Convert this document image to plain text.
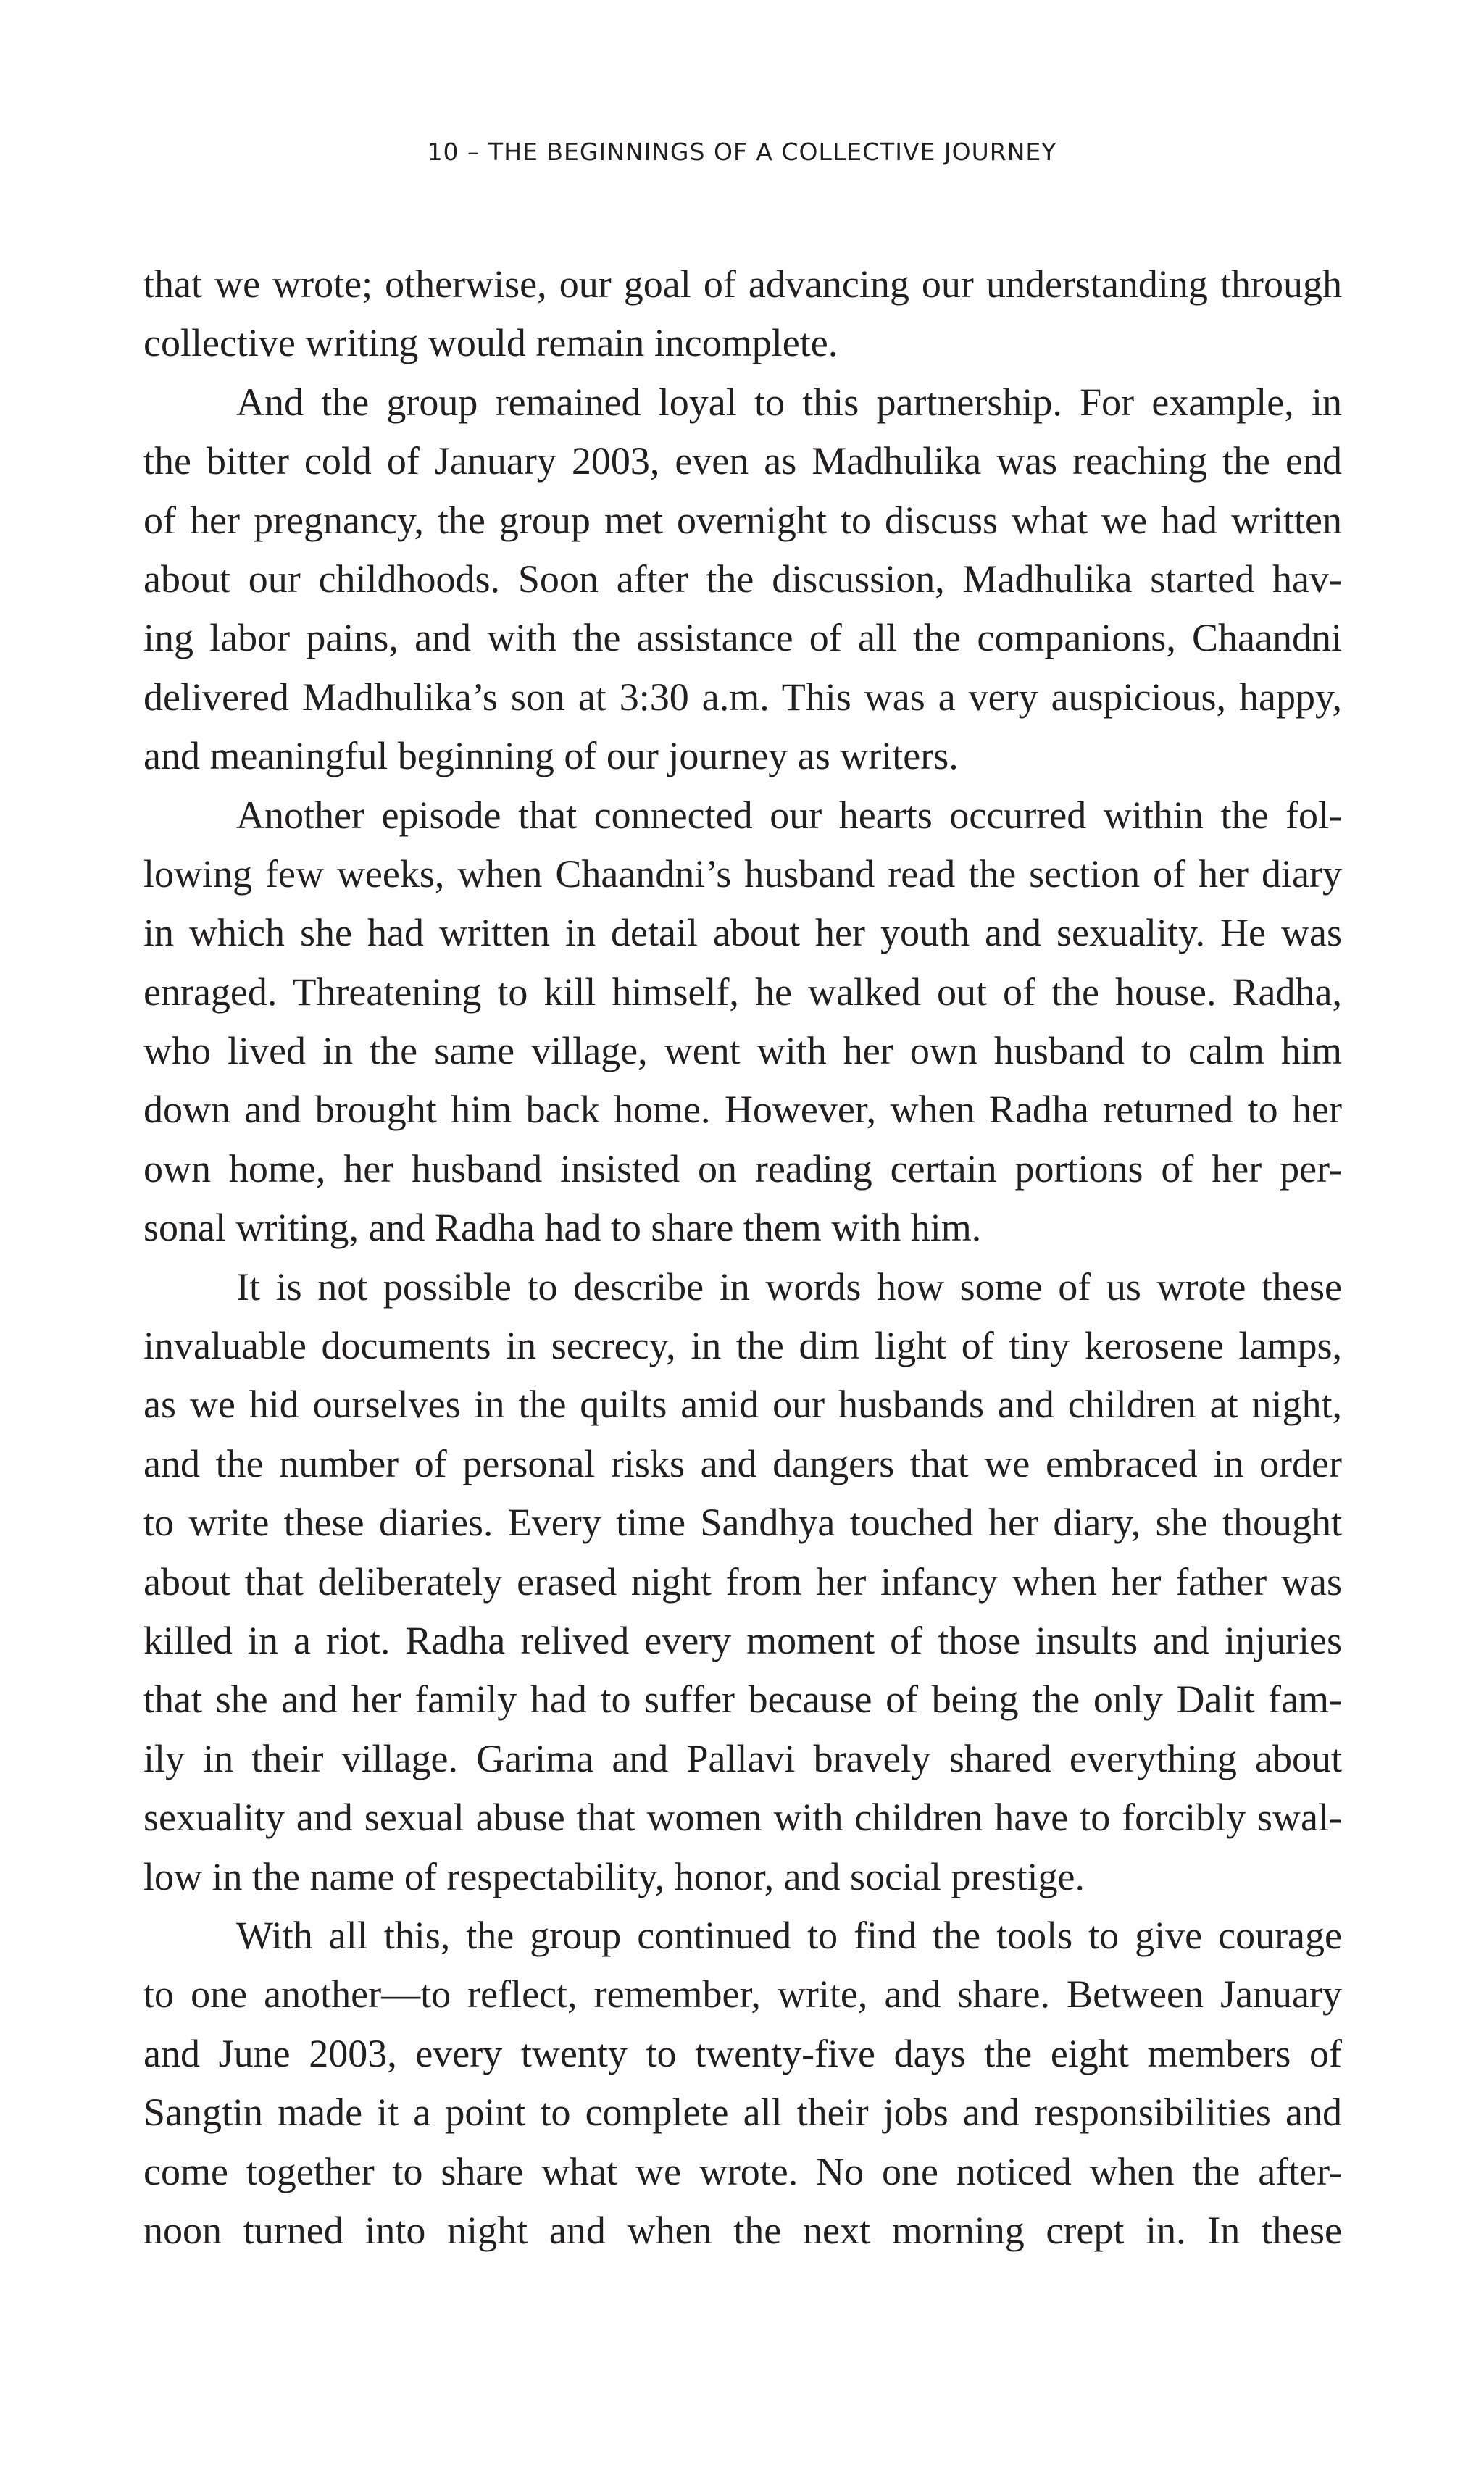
10 – THE BEGINNINGS OF A COLLECTIVE JOURNEY
that we wrote; otherwise, our goal of advancing our understanding through
collective writing would remain incomplete.
And the group remained loyal to this partnership. For example, in
the bitter cold of January 2003, even as Madhulika was reaching the end
of her pregnancy, the group met overnight to discuss what we had written
about our childhoods. Soon after the discussion, Madhulika started hav-
ing labor pains, and with the assistance of all the companions, Chaandni
delivered Madhulika’s son at 3:30 a.m. This was a very auspicious, happy,
and meaningful beginning of our journey as writers.
Another episode that connected our hearts occurred within the fol-
lowing few weeks, when Chaandni’s husband read the section of her diary
in which she had written in detail about her youth and sexuality. He was
enraged. Threatening to kill himself, he walked out of the house. Radha,
who lived in the same village, went with her own husband to calm him
down and brought him back home. However, when Radha returned to her
own home, her husband insisted on reading certain portions of her per-
sonal writing, and Radha had to share them with him.
It is not possible to describe in words how some of us wrote these
invaluable documents in secrecy, in the dim light of tiny kerosene lamps,
as we hid ourselves in the quilts amid our husbands and children at night,
and the number of personal risks and dangers that we embraced in order
to write these diaries. Every time Sandhya touched her diary, she thought
about that deliberately erased night from her infancy when her father was
killed in a riot. Radha relived every moment of those insults and injuries
that she and her family had to suffer because of being the only Dalit fam-
ily in their village. Garima and Pallavi bravely shared everything about
sexuality and sexual abuse that women with children have to forcibly swal-
low in the name of respectability, honor, and social prestige.
With all this, the group continued to find the tools to give courage
to one another—to reflect, remember, write, and share. Between January
and June 2003, every twenty to twenty-five days the eight members of
Sangtin made it a point to complete all their jobs and responsibilities and
come together to share what we wrote. No one noticed when the after-
noon turned into night and when the next morning crept in. In these
